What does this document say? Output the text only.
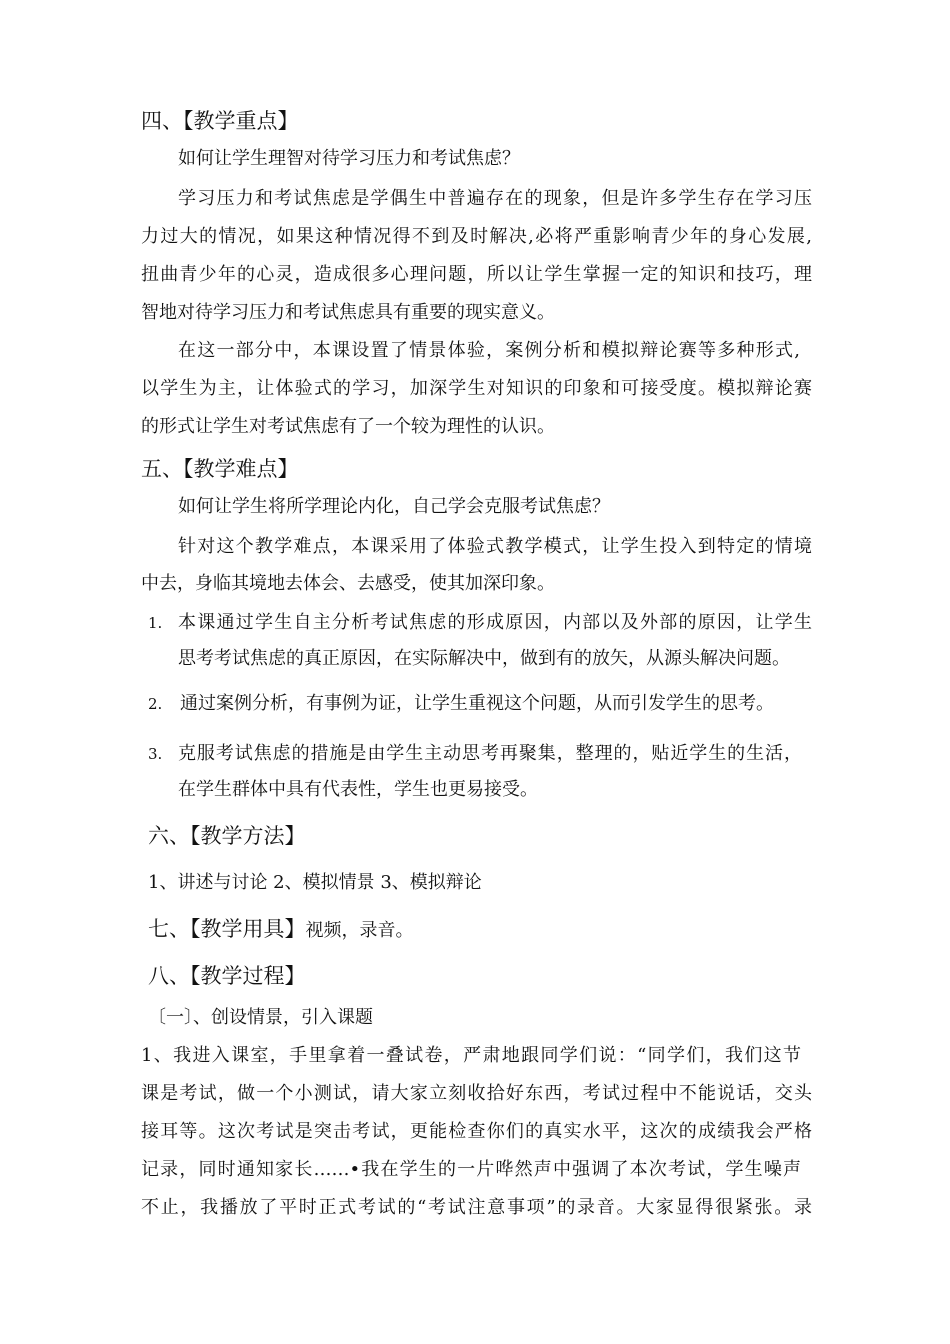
四、【教学重点】
如何让学生理智对待学习压力和考试焦虑？
学习压力和考试焦虑是学偶生中普遍存在的现象，但是许多学生存在学习压
力过大的情况，如果这种情况得不到及时解决,必将严重影响青少年的身心发展,
扭曲青少年的心灵，造成很多心理问题，所以让学生掌握一定的知识和技巧，理
智地对待学习压力和考试焦虑具有重要的现实意义。
在这一部分中，本课设置了情景体验，案例分析和模拟辩论赛等多种形式,
以学生为主，让体验式的学习，加深学生对知识的印象和可接受度。模拟辩论赛
的形式让学生对考试焦虑有了一个较为理性的认识。
五、【教学难点】
如何让学生将所学理论内化，自己学会克服考试焦虑？
针对这个教学难点，本课采用了体验式教学模式，让学生投入到特定的情境
中去，身临其境地去体会、去感受，使其加深印象。
1. 本课通过学生自主分析考试焦虑的形成原因，内部以及外部的原因，让学生
思考考试焦虑的真正原因，在实际解决中，做到有的放矢，从源头解决问题。
2. 通过案例分析，有事例为证，让学生重视这个问题，从而引发学生的思考。
3. 克服考试焦虑的措施是由学生主动思考再聚集，整理的，贴近学生的生活，
在学生群体中具有代表性，学生也更易接受。
六、【教学方法】
1、讲述与讨论 2、模拟情景 3、模拟辩论
七、【教学用具】视频，录音。
八、【教学过程】
〔一〕、创设情景，引入课题
1、我进入课室，手里拿着一叠试卷，严肃地跟同学们说：“同学们，我们这节
课是考试，做一个小测试，请大家立刻收拾好东西，考试过程中不能说话，交头
接耳等。这次考试是突击考试，更能检查你们的真实水平，这次的成绩我会严格
记录，同时通知家长……•我在学生的一片哗然声中强调了本次考试，学生噪声
不止，我播放了平时正式考试的“考试注意事项”的录音。大家显得很紧张。录
